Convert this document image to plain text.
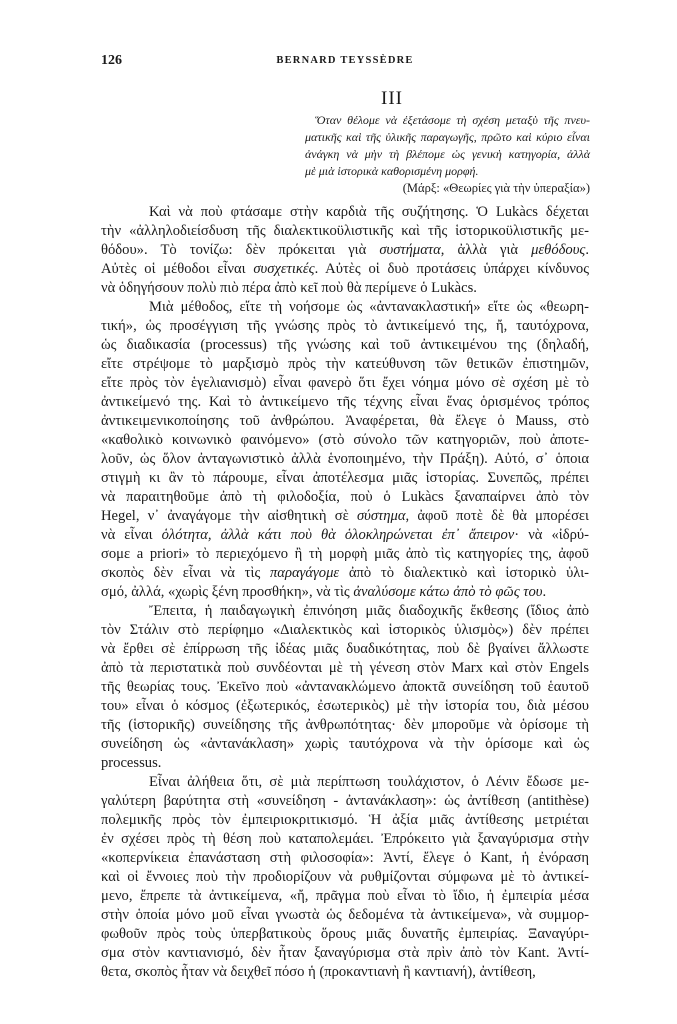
126	BERNARD TEYSSÈDRE
III
Ὅταν θέλομε νὰ ἐξετάσομε τὴ σχέση μεταξὺ τῆς πνευ-
ματικῆς καὶ τῆς ὑλικῆς παραγωγῆς, πρῶτο καὶ κύριο εἶναι
ἀνάγκη νὰ μὴν τὴ βλέπομε ὡς γενικὴ κατηγορία, ἀλλὰ
μὲ μιὰ ἱστορικὰ καθορισμένη μορφή.
(Μάρξ: «Θεωρίες γιὰ τὴν ὑπεραξία»)
Καὶ νὰ ποὺ φτάσαμε στὴν καρδιὰ τῆς συζήτησης. Ὁ Lukàcs δέχεται
τὴν «ἀλληλοδιείσδυση τῆς διαλεκτικοϋλιστικῆς καὶ τῆς ἱστορικοϋλιστικῆς με-
θόδου». Τὸ τονίζω: δὲν πρόκειται γιὰ συστήματα, ἀλλὰ γιὰ μεθόδους.
Αὐτὲς οἱ μέθοδοι εἶναι συσχετικές. Αὐτὲς οἱ δυὸ προτάσεις ὑπάρχει κίνδυνος
νὰ ὁδηγήσουν πολὺ πιὸ πέρα ἀπὸ κεῖ ποὺ θὰ περίμενε ὁ Lukàcs.
Μιὰ μέθοδος, εἴτε τὴ νοήσομε ὡς «ἀντανακλαστική» εἴτε ὡς «θεωρη-
τική», ὡς προσέγγιση τῆς γνώσης πρὸς τὸ ἀντικείμενό της, ἤ, ταυτόχρονα,
ὡς διαδικασία (processus) τῆς γνώσης καὶ τοῦ ἀντικειμένου της (δηλαδή,
εἴτε στρέψομε τὸ μαρξισμὸ πρὸς τὴν κατεύθυνση τῶν θετικῶν ἐπιστημῶν,
εἴτε πρὸς τὸν ἑγελιανισμὸ) εἶναι φανερὸ ὅτι ἔχει νόημα μόνο σὲ σχέση μὲ τὸ
ἀντικείμενό της. Καὶ τὸ ἀντικείμενο τῆς τέχνης εἶναι ἕνας ὁρισμένος τρόπος
ἀντικειμενικοποίησης τοῦ ἀνθρώπου. Ἀναφέρεται, θὰ ἔλεγε ὁ Mauss, στὸ
«καθολικὸ κοινωνικὸ φαινόμενο» (στὸ σύνολο τῶν κατηγοριῶν, ποὺ ἀποτε-
λοῦν, ὡς ὅλον ἀνταγωνιστικὸ ἀλλὰ ἑνοποιημένο, τὴν Πράξη). Αὐτό, σ᾿ ὁποια
στιγμὴ κι ἂν τὸ πάρουμε, εἶναι ἀποτέλεσμα μιᾶς ἱστορίας. Συνεπῶς, πρέπει
νὰ παραιτηθοῦμε ἀπὸ τὴ φιλοδοξία, ποὺ ὁ Lukàcs ξαναπαίρνει ἀπὸ τὸν
Hegel, ν᾿ ἀναγάγομε τὴν αἰσθητικὴ σὲ σύστημα, ἀφοῦ ποτὲ δὲ θὰ μπορέσει
νὰ εἶναι ὁλότητα, ἀλλὰ κάτι ποὺ θὰ ὁλοκληρώνεται ἐπ᾿ ἄπειρον· νὰ «ἰδρύ-
σομε a priori» τὸ περιεχόμενο ἢ τὴ μορφὴ μιᾶς ἀπὸ τὶς κατηγορίες της, ἀφοῦ
σκοπὸς δὲν εἶναι νὰ τὶς παραγάγομε ἀπὸ τὸ διαλεκτικὸ καὶ ἱστορικὸ ὑλι-
σμό, ἀλλά, «χωρὶς ξένη προσθήκη», νὰ τὶς ἀναλύσομε κάτω ἀπὸ τὸ φῶς του.
Ἔπειτα, ἡ παιδαγωγικὴ ἐπινόηση μιᾶς διαδοχικῆς ἔκθεσης (ἴδιος ἀπὸ
τὸν Στάλιν στὸ περίφημο «Διαλεκτικὸς καὶ ἱστορικὸς ὑλισμὸς») δὲν πρέπει
νὰ ἔρθει σὲ ἐπίρρωση τῆς ἰδέας μιᾶς δυαδικότητας, ποὺ δὲ βγαίνει ἄλλωστε
ἀπὸ τὰ περιστατικὰ ποὺ συνδέονται μὲ τὴ γένεση στὸν Marx καὶ στὸν Engels
τῆς θεωρίας τους. Ἐκεῖνο ποὺ «ἀντανακλώμενο ἀποκτᾶ συνείδηση τοῦ ἑαυτοῦ
του» εἶναι ὁ κόσμος (ἐξωτερικός, ἐσωτερικὸς) μὲ τὴν ἱστορία του, διὰ μέσου
τῆς (ἱστορικῆς) συνείδησης τῆς ἀνθρωπότητας· δὲν μποροῦμε νὰ ὁρίσομε τὴ
συνείδηση ὡς «ἀντανάκλαση» χωρὶς ταυτόχρονα νὰ τὴν ὁρίσομε καὶ ὡς
processus.
Εἶναι ἀλήθεια ὅτι, σὲ μιὰ περίπτωση τουλάχιστον, ὁ Λένιν ἔδωσε με-
γαλύτερη βαρύτητα στὴ «συνείδηση - ἀντανάκλαση»: ὡς ἀντίθεση (antithèse)
πολεμικῆς πρὸς τὸν ἐμπειριοκριτικισμό. Ἡ ἀξία μιᾶς ἀντίθεσης μετριέται
ἐν σχέσει πρὸς τὴ θέση ποὺ καταπολεμάει. Ἐπρόκειτο γιὰ ξαναγύρισμα στὴν
«κοπερνίκεια ἐπανάσταση στὴ φιλοσοφία»: Ἀντί, ἔλεγε ὁ Kant, ἡ ἐνόραση
καὶ οἱ ἔννοιες ποὺ τὴν προδιορίζουν νὰ ρυθμίζονται σύμφωνα μὲ τὸ ἀντικεί-
μενο, ἔπρεπε τὰ ἀντικείμενα, «ἤ, πρᾶγμα ποὺ εἶναι τὸ ἴδιο, ἡ ἐμπειρία μέσα
στὴν ὁποία μόνο μοῦ εἶναι γνωστὰ ὡς δεδομένα τὰ ἀντικείμενα», νὰ συμμορ-
φωθοῦν πρὸς τοὺς ὑπερβατικοὺς ὅρους μιᾶς δυνατῆς ἐμπειρίας. Ξαναγύρι-
σμα στὸν καντιανισμό, δὲν ἦταν ξαναγύρισμα στὰ πρὶν ἀπὸ τὸν Kant. Ἀντί-
θετα, σκοπὸς ἦταν νὰ δειχθεῖ πόσο ἡ (προκαντιανὴ ἢ καντιανή), ἀντίθεση,
